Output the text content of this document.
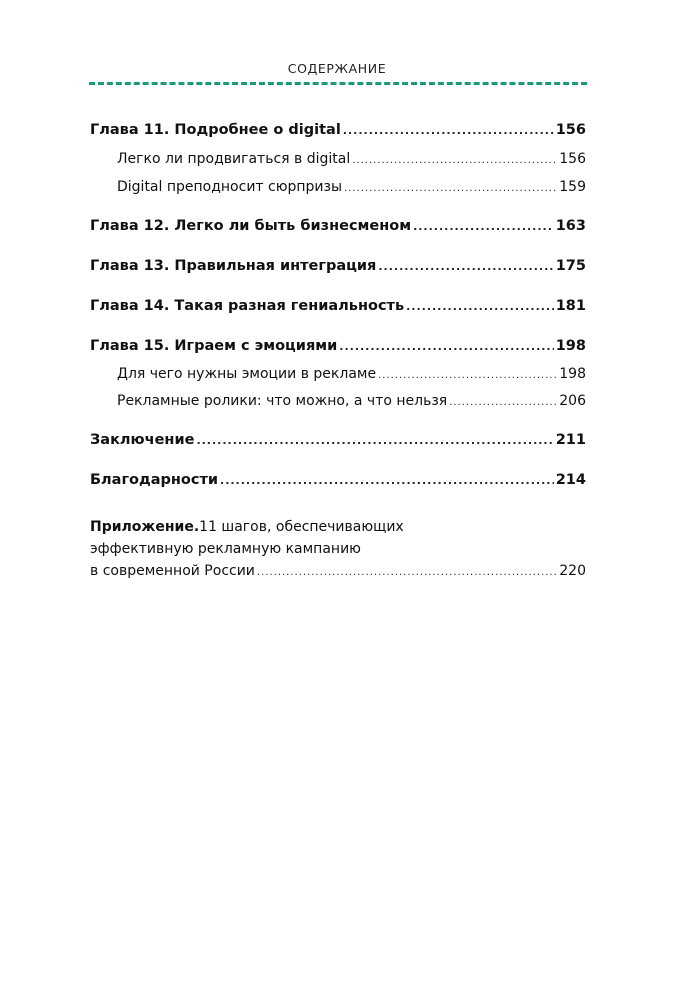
СОДЕРЖАНИЕ
Глава 11. Подробнее о digital .....	156
Легко ли продвигаться в digital .....	156
Digital преподносит сюрпризы .....	159
Глава 12. Легко ли быть бизнесменом .....	163
Глава 13. Правильная интеграция .....	175
Глава 14. Такая разная гениальность .....	181
Глава 15. Играем с эмоциями .....	198
Для чего нужны эмоции в рекламе .....	198
Рекламные ролики: что можно, а что нельзя .....	206
Заключение .....	211
Благодарности .....	214
Приложение. 11 шагов, обеспечивающих
эффективную рекламную кампанию
в современной России .....	220
